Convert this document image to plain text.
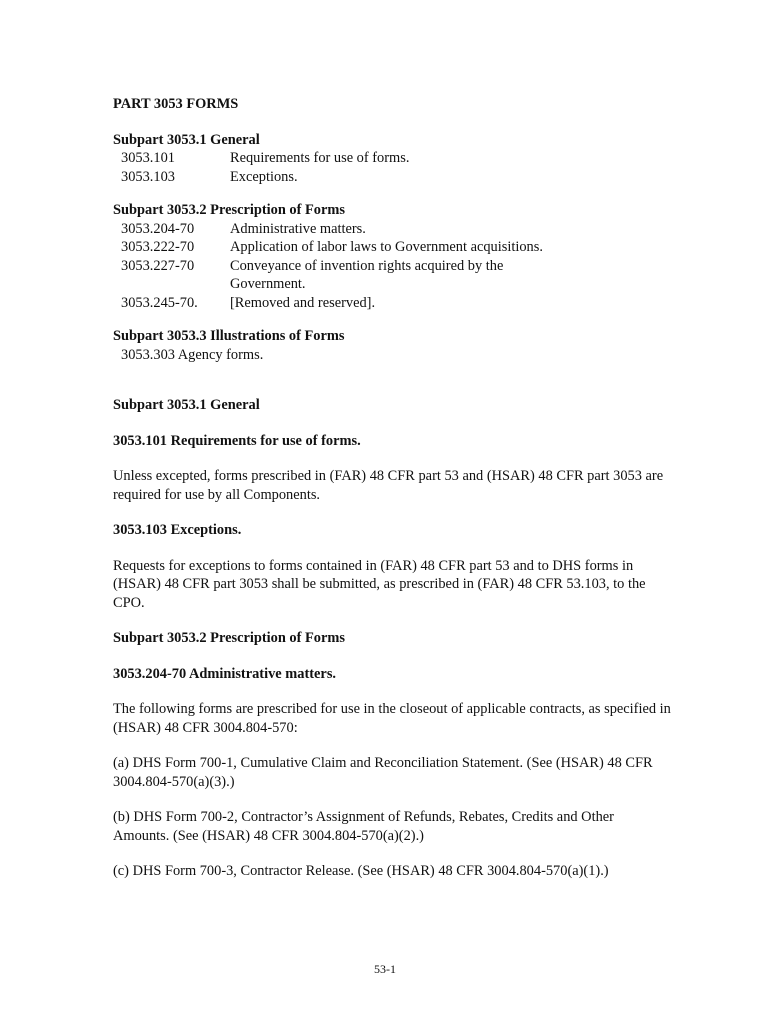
PART 3053 FORMS
Subpart 3053.1 General
3053.101	Requirements for use of forms.
3053.103	Exceptions.
Subpart 3053.2 Prescription of Forms
3053.204-70	Administrative matters.
3053.222-70	Application of labor laws to Government acquisitions.
3053.227-70	Conveyance of invention rights acquired by the Government.
3053.245-70.	[Removed and reserved].
Subpart 3053.3 Illustrations of Forms
3053.303 Agency forms.
Subpart 3053.1 General
3053.101 Requirements for use of forms.
Unless excepted, forms prescribed in (FAR) 48 CFR part 53 and (HSAR) 48 CFR part 3053 are required for use by all Components.
3053.103 Exceptions.
Requests for exceptions to forms contained in (FAR) 48 CFR part 53 and to DHS forms in (HSAR) 48 CFR part 3053 shall be submitted, as prescribed in (FAR) 48 CFR 53.103, to the CPO.
Subpart 3053.2 Prescription of Forms
3053.204-70 Administrative matters.
The following forms are prescribed for use in the closeout of applicable contracts, as specified in (HSAR) 48 CFR 3004.804-570:
(a) DHS Form 700-1, Cumulative Claim and Reconciliation Statement. (See (HSAR) 48 CFR 3004.804-570(a)(3).)
(b) DHS Form 700-2, Contractor’s Assignment of Refunds, Rebates, Credits and Other Amounts. (See (HSAR) 48 CFR 3004.804-570(a)(2).)
(c) DHS Form 700-3, Contractor Release. (See (HSAR) 48 CFR 3004.804-570(a)(1).)
53-1
